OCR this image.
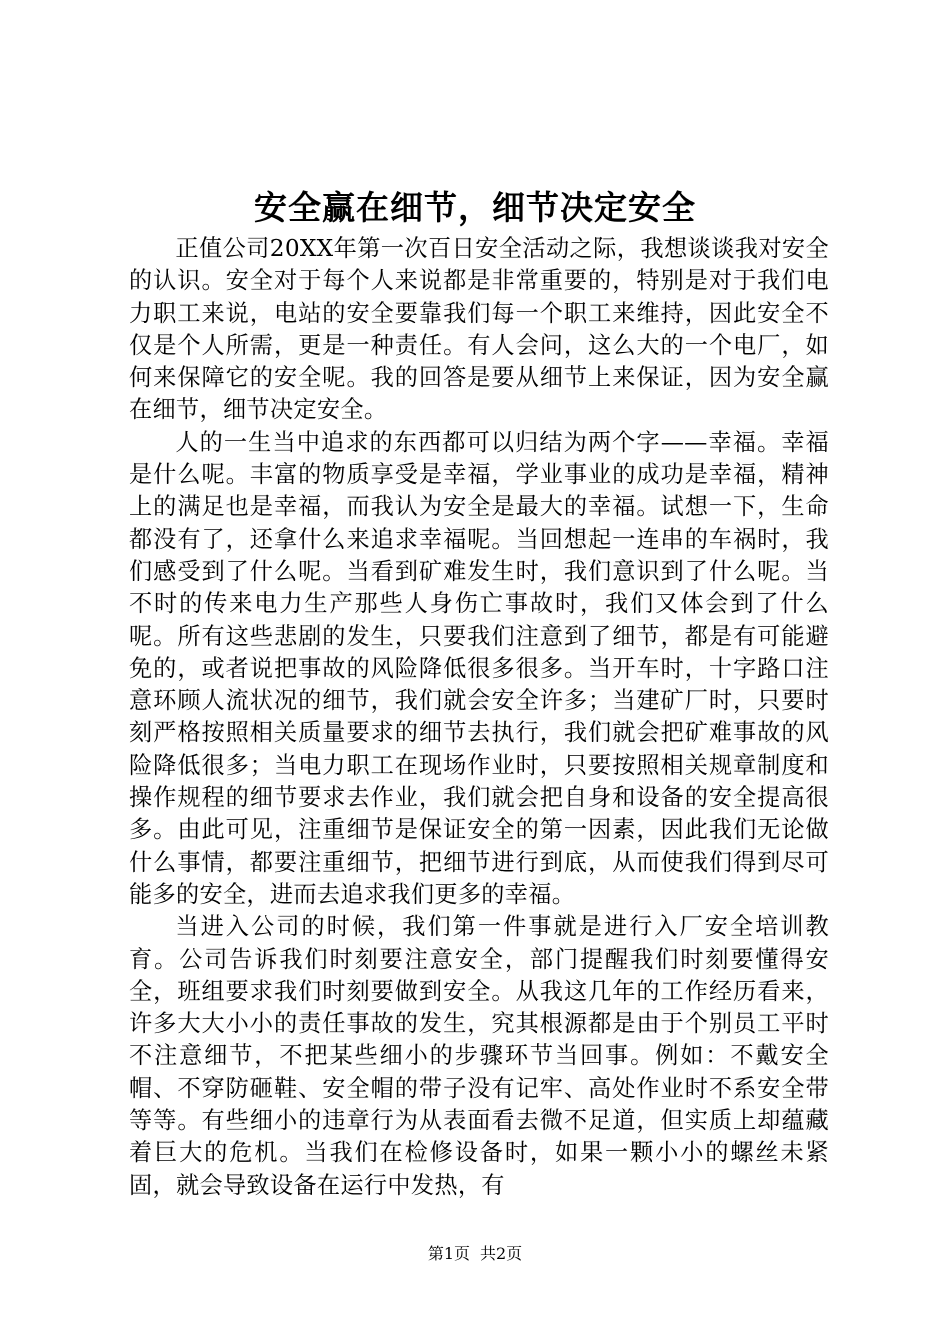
安全赢在细节，细节决定安全

正值公司20XX年第一次百日安全活动之际，我想谈谈我对安全的认识。安全对于每个人来说都是非常重要的，特别是对于我们电力职工来说，电站的安全要靠我们每一个职工来维持，因此安全不仅是个人所需，更是一种责任。有人会问，这么大的一个电厂，如何来保障它的安全呢。我的回答是要从细节上来保证，因为安全赢在细节，细节决定安全。

人的一生当中追求的东西都可以归结为两个字——幸福。幸福是什么呢。丰富的物质享受是幸福，学业事业的成功是幸福，精神上的满足也是幸福，而我认为安全是最大的幸福。试想一下，生命都没有了，还拿什么来追求幸福呢。当回想起一连串的车祸时，我们感受到了什么呢。当看到矿难发生时，我们意识到了什么呢。当不时的传来电力生产那些人身伤亡事故时，我们又体会到了什么呢。所有这些悲剧的发生，只要我们注意到了细节，都是有可能避免的，或者说把事故的风险降低很多很多。当开车时，十字路口注意环顾人流状况的细节，我们就会安全许多；当建矿厂时，只要时刻严格按照相关质量要求的细节去执行，我们就会把矿难事故的风险降低很多；当电力职工在现场作业时，只要按照相关规章制度和操作规程的细节要求去作业，我们就会把自身和设备的安全提高很多。由此可见，注重细节是保证安全的第一因素，因此我们无论做什么事情，都要注重细节，把细节进行到底，从而使我们得到尽可能多的安全，进而去追求我们更多的幸福。

当进入公司的时候，我们第一件事就是进行入厂安全培训教育。公司告诉我们时刻要注意安全，部门提醒我们时刻要懂得安全，班组要求我们时刻要做到安全。从我这几年的工作经历看来，许多大大小小的责任事故的发生，究其根源都是由于个别员工平时不注意细节，不把某些细小的步骤环节当回事。例如：不戴安全帽、不穿防砸鞋、安全帽的带子没有记牢、高处作业时不系安全带等等。有些细小的违章行为从表面看去微不足道，但实质上却蕴藏着巨大的危机。当我们在检修设备时，如果一颗小小的螺丝未紧固，就会导致设备在运行中发热，有

第1页 共2页
